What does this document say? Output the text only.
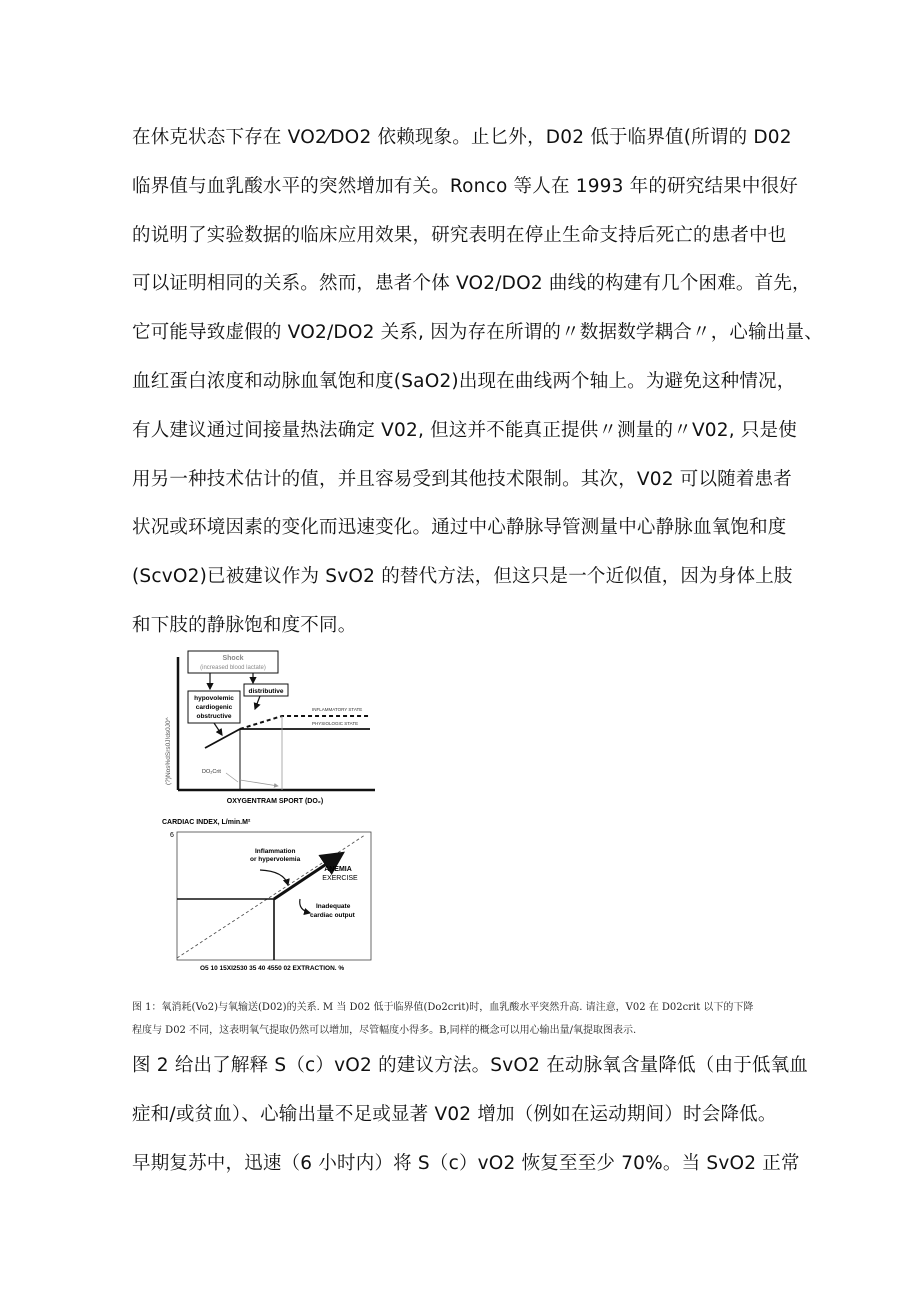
在休克状态下存在 VO2⁄DO2 依赖现象。止匕外，D02 低于临界值(所谓的 D02
临界值与血乳酸水平的突然增加有关。Ronco 等人在 1993 年的研究结果中很好
的说明了实验数据的临床应用效果，研究表明在停止生命支持后死亡的患者中也
可以证明相同的关系。然而，患者个体 VO2/DO2 曲线的构建有几个困难。首先，
它可能导致虚假的 VO2/DO2 关系, 因为存在所谓的〃数据数学耦合〃，心输出量、
血红蛋白浓度和动脉血氧饱和度(SaO2)出现在曲线两个轴上。为避免这种情况，
有人建议通过间接量热法确定 V02, 但这并不能真正提供〃测量的〃V02, 只是使
用另一种技术估计的值，并且容易受到其他技术限制。其次，V02 可以随着患者
状况或环境因素的变化而迅速变化。通过中心静脉导管测量中心静脉血氧饱和度
(ScvO2)已被建议作为 SvO2 的替代方法，但这只是一个近似值，因为身体上肢
和下肢的静脉饱和度不同。
(?)Nos%dSrs0J!ds0J0^
Shock
(increased blood lactate)
hypovolemic
cardiogenic
obstructive
distributive
INFLAMMATORY STATE
PHYSIOLOGIC STATE
DO₂Crit
OXYGENTRAM SPORT (DO₂)
CARDIAC INDEX, L/min.M²
6
Inflammation
or hypervolemia
ANEMIA
EXERCISE
Inadequate
cardiac output
O5 10 15XI2530 35 40 4550 02 EXTRACTION. %
图 1：氧消耗(Vo2)与氧输送(D02)的关系. M 当 D02 低于临界值(Do2crit)时，血乳酸水平突然升高. 请注意，V02 在 D02crit 以下的下降
程度与 D02 不同，这表明氧气提取仍然可以增加，尽管幅度小得多。B,同样的概念可以用心输出量/氧提取图表示.
图 2 给出了解释 S（c）vO2 的建议方法。SvO2 在动脉氧含量降低（由于低氧血
症和/或贫血）、心输出量不足或显著 V02 增加（例如在运动期间）时会降低。
早期复苏中，迅速（6 小时内）将 S（c）vO2 恢复至至少 70%。当 SvO2 正常
